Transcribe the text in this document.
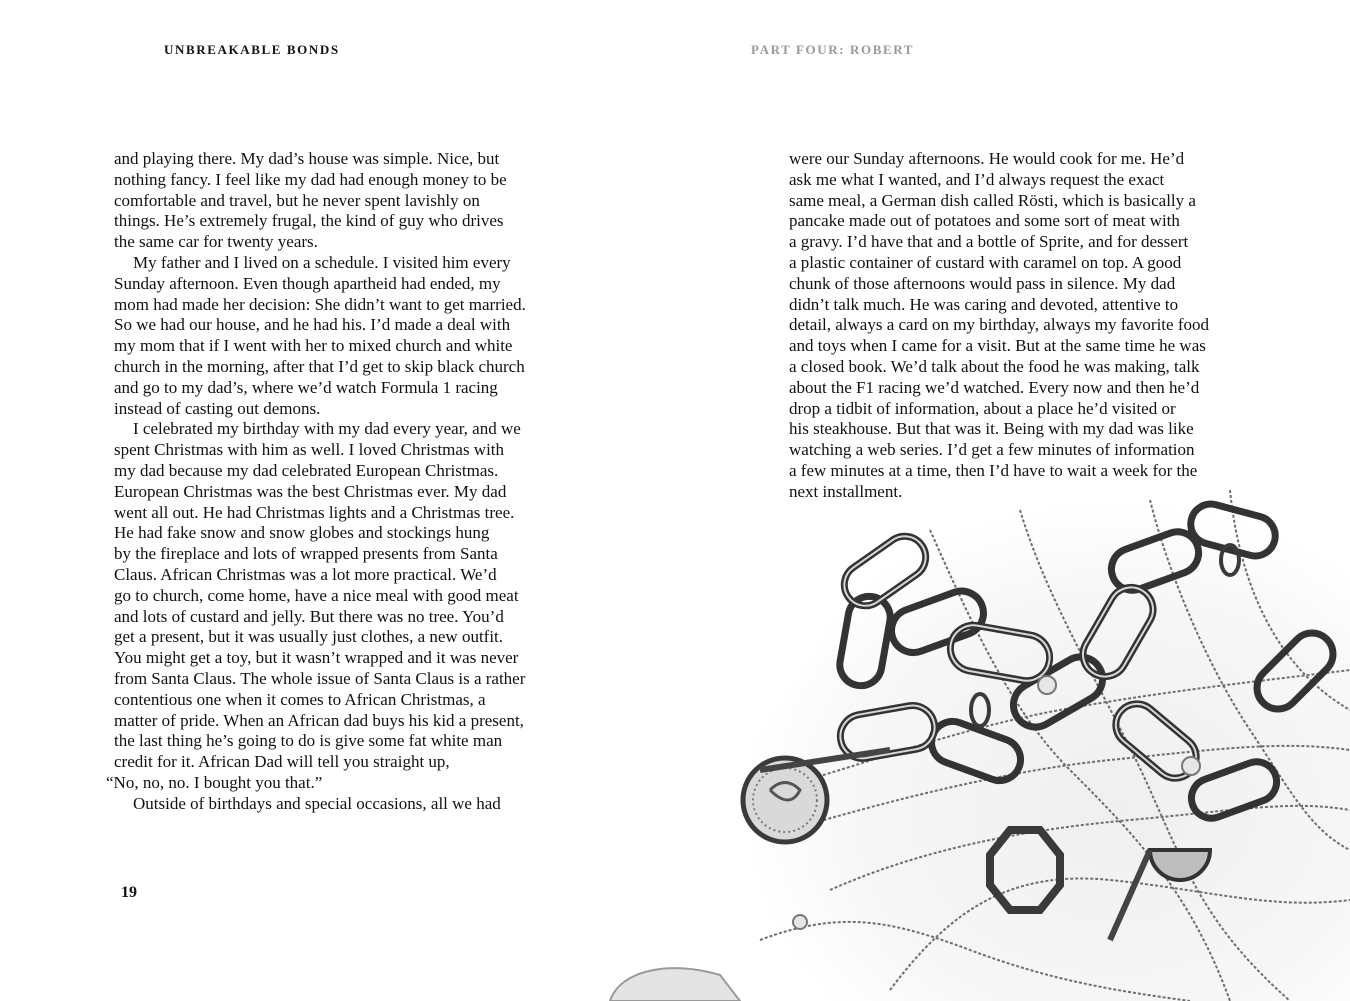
UNBREAKABLE BONDS	PART FOUR: ROBERT
and playing there. My dad’s house was simple. Nice, but
nothing fancy. I feel like my dad had enough money to be
comfortable and travel, but he never spent lavishly on
things. He’s extremely frugal, the kind of guy who drives
the same car for twenty years.
My father and I lived on a schedule. I visited him every
Sunday afternoon. Even though apartheid had ended, my
mom had made her decision: She didn’t want to get married.
So we had our house, and he had his. I’d made a deal with
my mom that if I went with her to mixed church and white
church in the morning, after that I’d get to skip black church
and go to my dad’s, where we’d watch Formula 1 racing
instead of casting out demons.
I celebrated my birthday with my dad every year, and we
spent Christmas with him as well. I loved Christmas with
my dad because my dad celebrated European Christmas.
European Christmas was the best Christmas ever. My dad
went all out. He had Christmas lights and a Christmas tree.
He had fake snow and snow globes and stockings hung
by the fireplace and lots of wrapped presents from Santa
Claus. African Christmas was a lot more practical. We’d
go to church, come home, have a nice meal with good meat
and lots of custard and jelly. But there was no tree. You’d
get a present, but it was usually just clothes, a new outfit.
You might get a toy, but it wasn’t wrapped and it was never
from Santa Claus. The whole issue of Santa Claus is a rather
contentious one when it comes to African Christmas, a
matter of pride. When an African dad buys his kid a present,
the last thing he’s going to do is give some fat white man
credit for it. African Dad will tell you straight up,
“No, no, no. I bought you that.”
Outside of birthdays and special occasions, all we had
19
were our Sunday afternoons. He would cook for me. He’d
ask me what I wanted, and I’d always request the exact
same meal, a German dish called Rösti, which is basically a
pancake made out of potatoes and some sort of meat with
a gravy. I’d have that and a bottle of Sprite, and for dessert
a plastic container of custard with caramel on top. A good
chunk of those afternoons would pass in silence. My dad
didn’t talk much. He was caring and devoted, attentive to
detail, always a card on my birthday, always my favorite food
and toys when I came for a visit. But at the same time he was
a closed book. We’d talk about the food he was making, talk
about the F1 racing we’d watched. Every now and then he’d
drop a tidbit of information, about a place he’d visited or
his steakhouse. But that was it. Being with my dad was like
watching a web series. I’d get a few minutes of information
a few minutes at a time, then I’d have to wait a week for the
next installment.
